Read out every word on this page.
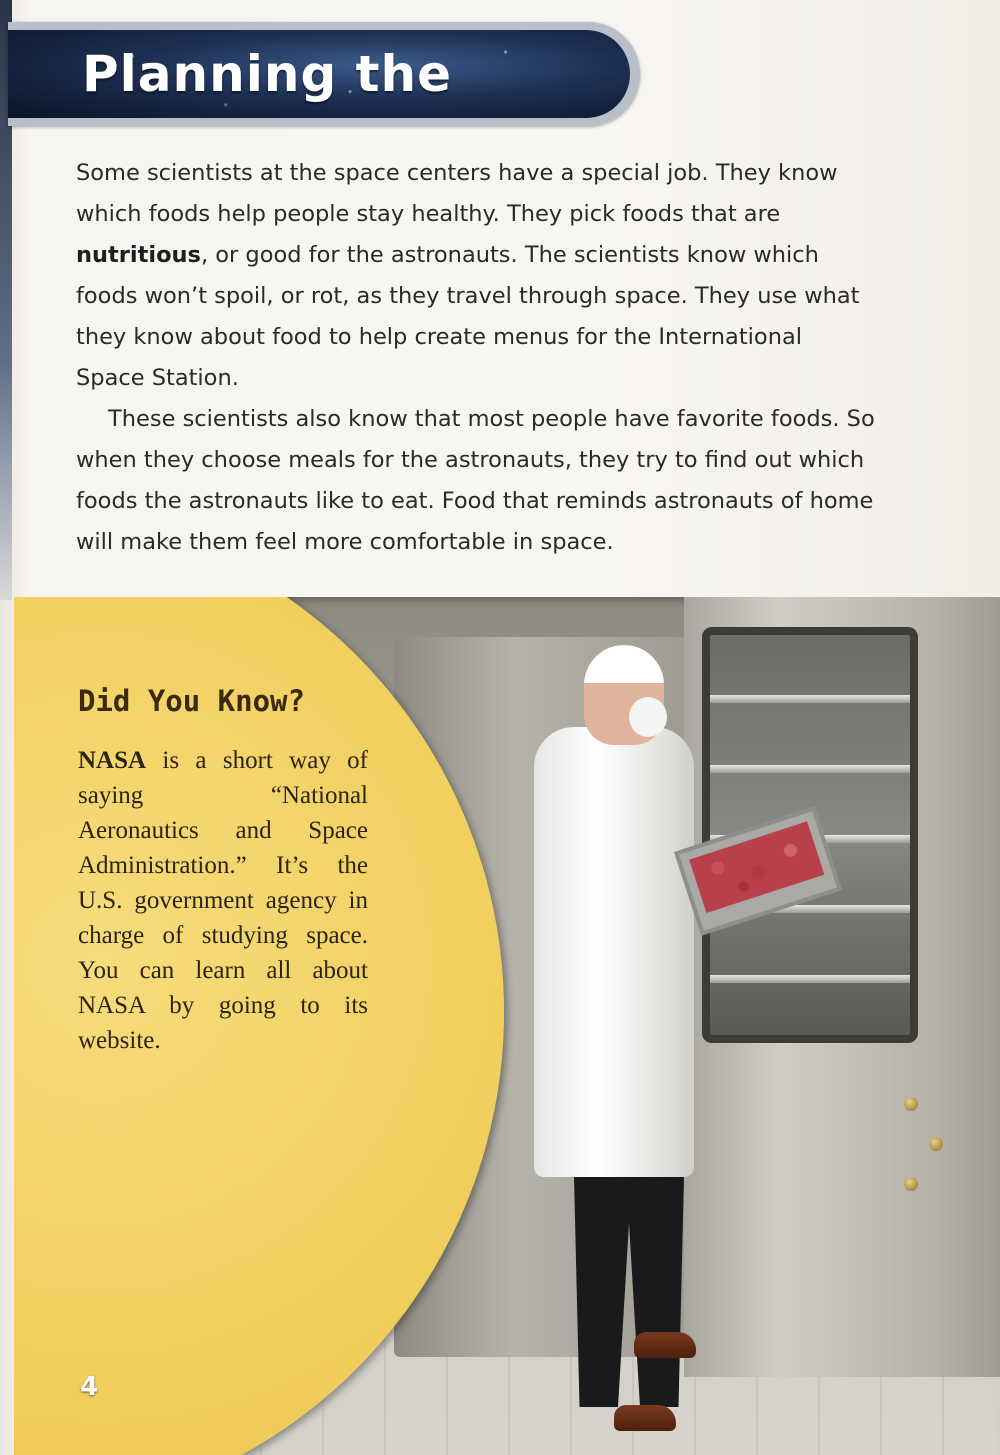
Planning the

Some scientists at the space centers have a special job. They know which foods help people stay healthy. They pick foods that are nutritious, or good for the astronauts. The scientists know which foods won’t spoil, or rot, as they travel through space. They use what they know about food to help create menus for the International Space Station.

These scientists also know that most people have favorite foods. So when they choose meals for the astronauts, they try to find out which foods the astronauts like to eat. Food that reminds astronauts of home will make them feel more comfortable in space.

Did You Know?
NASA is a short way of saying “National Aeronautics and Space Administration.” It’s the U.S. government agency in charge of studying space. You can learn all about NASA by going to its website.
4
